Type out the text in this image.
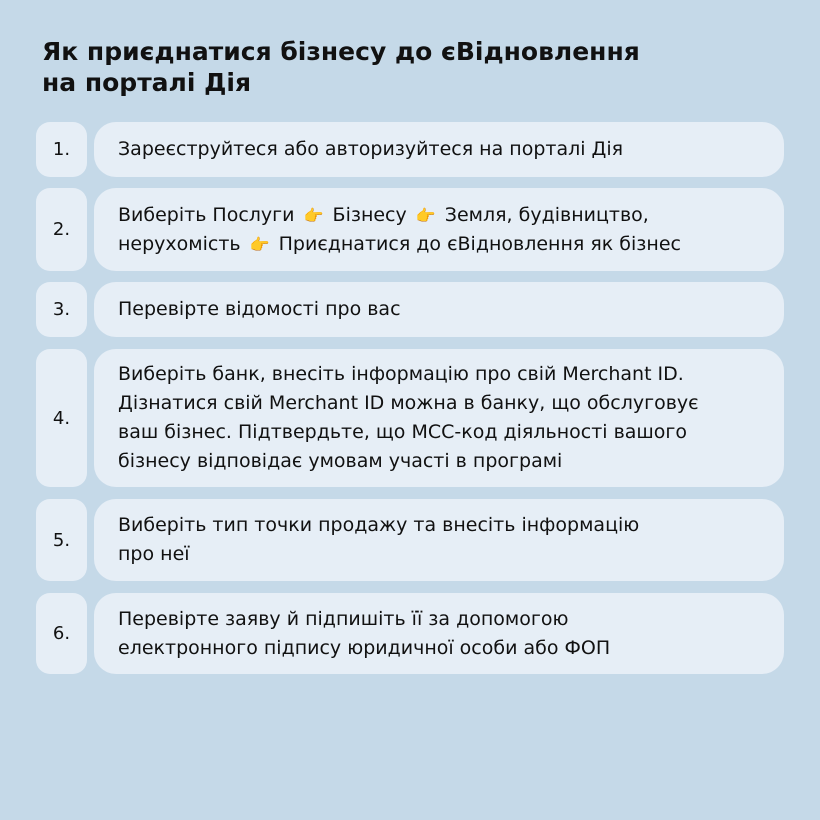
Як приєднатися бізнесу до єВідновлення
на порталі Дія
1.	Зареєструйтеся або авторизуйтеся на порталі Дія
2.
Виберіть Послуги 👉 Бізнесу 👉 Земля, будівництво,
нерухомість 👉 Приєднатися до єВідновлення як бізнес
3.	Перевірте відомості про вас
4.
Виберіть банк, внесіть інформацію про свій Merchant ID.
Дізнатися свій Merchant ID можна в банку, що обслуговує
ваш бізнес. Підтвердьте, що MCC-код діяльності вашого
бізнесу відповідає умовам участі в програмі
5.
Виберіть тип точки продажу та внесіть інформацію
про неї
6.
Перевірте заяву й підпишіть її за допомогою
електронного підпису юридичної особи або ФОП
